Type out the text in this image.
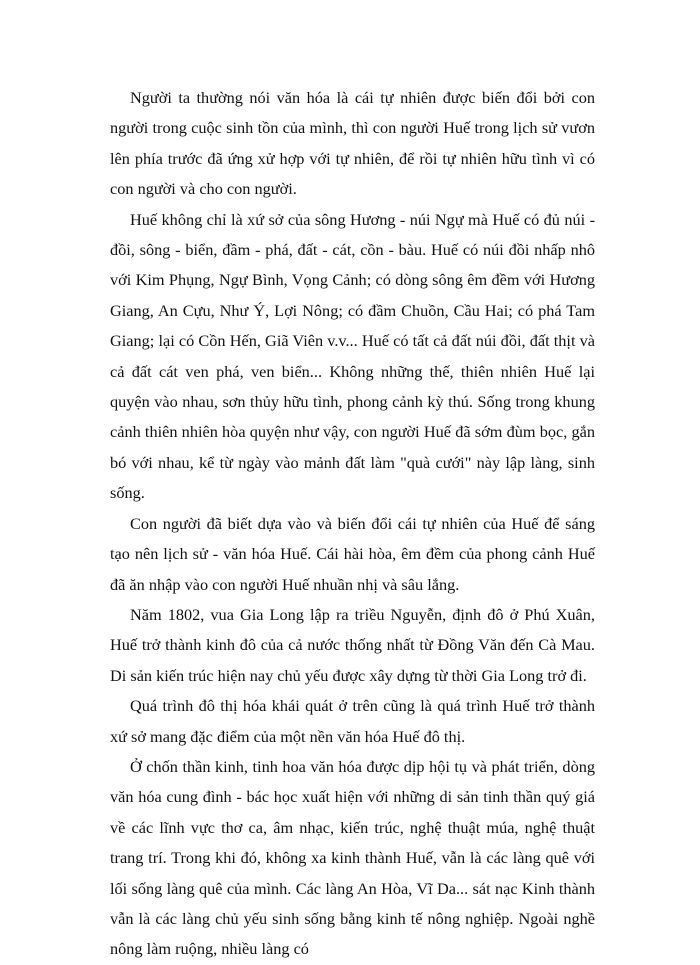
Người ta thường nói văn hóa là cái tự nhiên được biến đổi bởi con người trong cuộc sinh tồn của mình, thì con người Huế trong lịch sử vươn lên phía trước đã ứng xử hợp với tự nhiên, để rồi tự nhiên hữu tình vì có con người và cho con người.

Huế không chỉ là xứ sở của sông Hương - núi Ngự mà Huế có đủ núi - đồi, sông - biển, đầm - phá, đất - cát, cồn - bàu. Huế có núi đồi nhấp nhô với Kim Phụng, Ngự Bình, Vọng Cảnh; có dòng sông êm đềm với Hương Giang, An Cựu, Như Ý, Lợi Nông; có đầm Chuồn, Cầu Hai; có phá Tam Giang; lại có Cồn Hến, Giã Viên v.v... Huế có tất cả đất núi đồi, đất thịt và cả đất cát ven phá, ven biển... Không những thế, thiên nhiên Huế lại quyện vào nhau, sơn thủy hữu tình, phong cảnh kỳ thú. Sống trong khung cảnh thiên nhiên hòa quyện như vậy, con người Huế đã sớm đùm bọc, gắn bó với nhau, kể từ ngày vào mảnh đất làm "quà cưới" này lập làng, sinh sống.

Con người đã biết dựa vào và biến đổi cái tự nhiên của Huế để sáng tạo nên lịch sử - văn hóa Huế. Cái hài hòa, êm đềm của phong cảnh Huế đã ăn nhập vào con người Huế nhuần nhị và sâu lắng.

Năm 1802, vua Gia Long lập ra triều Nguyễn, định đô ở Phú Xuân, Huế trở thành kinh đô của cả nước thống nhất từ Đồng Văn đến Cà Mau. Di sản kiến trúc hiện nay chủ yếu được xây dựng từ thời Gia Long trở đi.

Quá trình đô thị hóa khái quát ở trên cũng là quá trình Huế trở thành xứ sở mang đặc điểm của một nền văn hóa Huế đô thị.

Ở chốn thần kinh, tinh hoa văn hóa được dịp hội tụ và phát triển, dòng văn hóa cung đình - bác học xuất hiện với những di sản tinh thần quý giá về các lĩnh vực thơ ca, âm nhạc, kiến trúc, nghệ thuật múa, nghệ thuật trang trí. Trong khi đó, không xa kinh thành Huế, vẫn là các làng quê với lối sống làng quê của mình. Các làng An Hòa, Vĩ Da... sát nạc Kinh thành vẫn là các làng chủ yếu sinh sống bằng kinh tế nông nghiệp. Ngoài nghề nông làm ruộng, nhiều làng có
